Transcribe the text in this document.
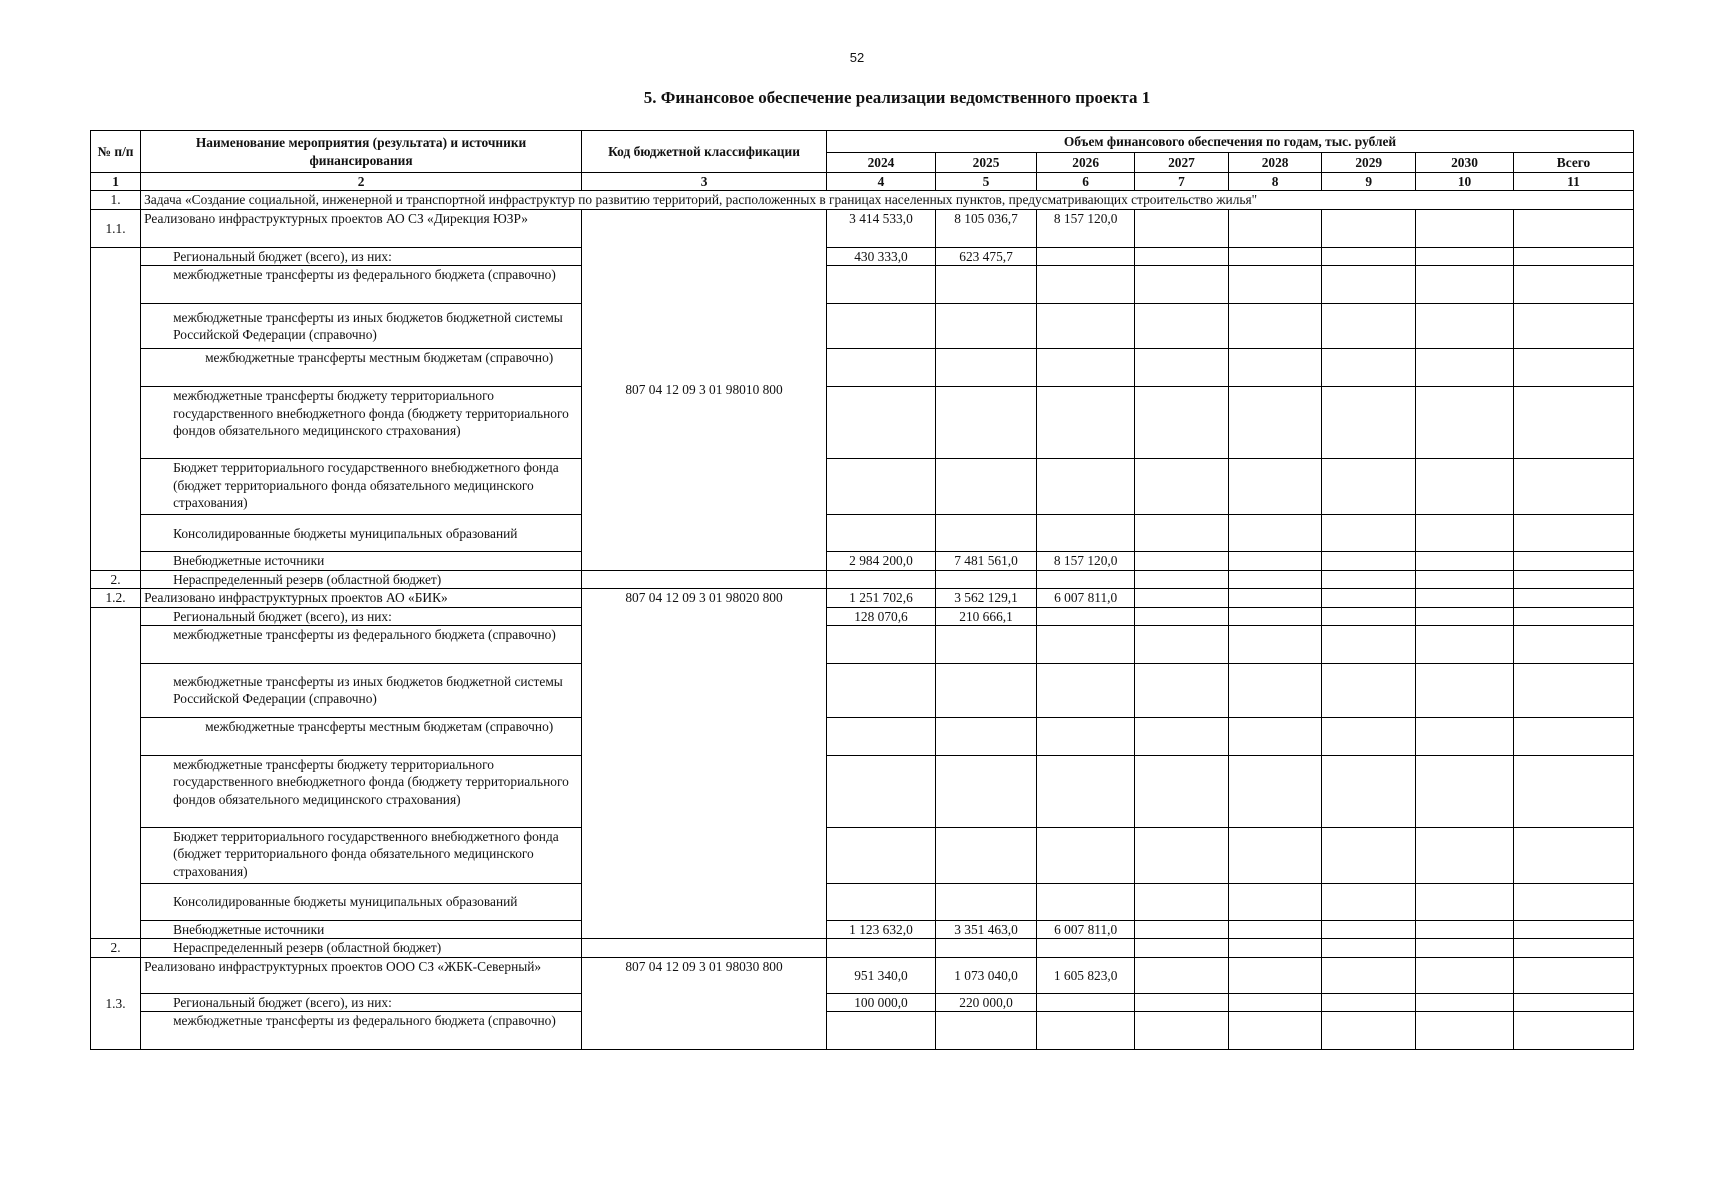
52
5. Финансовое обеспечение реализации ведомственного проекта 1
№ п/п	Наименование мероприятия (результата) и источники финансирования	Код бюджетной классификации	Объем финансового обеспечения по годам, тыс. рублей							
			2024	2025	2026	2027	2028	2029	2030	Всего
1	2	3	4	5	6	7	8	9	10	11
1.	Задача «Создание социальной, инженерной и транспортной инфраструктур по развитию территорий, расположенных в границах населенных пунктов, предусматривающих строительство жилья"									
1.1.	Реализовано инфраструктурных проектов АО СЗ «Дирекция ЮЗР»	807 04 12 09 3 01 98010 800	3 414 533,0	8 105 036,7	8 157 120,0					
	Региональный бюджет (всего), из них:		430 333,0	623 475,7						
	межбюджетные трансферты из федерального бюджета (справочно)									
	межбюджетные трансферты из иных бюджетов бюджетной системы Российской Федерации (справочно)									
	межбюджетные трансферты местным бюджетам (справочно)									
	межбюджетные трансферты бюджету территориального государственного внебюджетного фонда (бюджету территориального фондов обязательного медицинского страхования)									
	Бюджет территориального государственного внебюджетного фонда (бюджет территориального фонда обязательного медицинского страхования)									
	Консолидированные бюджеты муниципальных образований									
	Внебюджетные источники		2 984 200,0	7 481 561,0	8 157 120,0					
2.	Нераспределенный резерв (областной бюджет)									
1.2.	Реализовано инфраструктурных проектов АО «БИК»	807 04 12 09 3 01 98020 800	1 251 702,6	3 562 129,1	6 007 811,0					
	Региональный бюджет (всего), из них:		128 070,6	210 666,1						
	межбюджетные трансферты из федерального бюджета (справочно)									
	межбюджетные трансферты из иных бюджетов бюджетной системы Российской Федерации (справочно)									
	межбюджетные трансферты местным бюджетам (справочно)									
	межбюджетные трансферты бюджету территориального государственного внебюджетного фонда (бюджету территориального фондов обязательного медицинского страхования)									
	Бюджет территориального государственного внебюджетного фонда (бюджет территориального фонда обязательного медицинского страхования)									
	Консолидированные бюджеты муниципальных образований									
	Внебюджетные источники		1 123 632,0	3 351 463,0	6 007 811,0					
2.	Нераспределенный резерв (областной бюджет)									
1.3.	Реализовано инфраструктурных проектов ООО СЗ «ЖБК-Северный»	807 04 12 09 3 01 98030 800	951 340,0	1 073 040,0	1 605 823,0					
	Региональный бюджет (всего), из них:		100 000,0	220 000,0						
	межбюджетные трансферты из федерального бюджета (справочно)									
